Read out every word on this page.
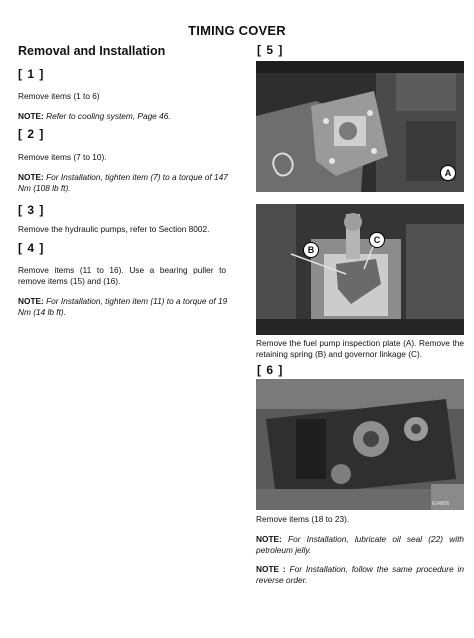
TIMING COVER
Removal and Installation
[ 1 ]
Remove items (1 to 6)
NOTE: Refer to cooling system, Page 46.
[ 2 ]
Remove items (7 to 10).
NOTE: For Installation, tighten item (7) to a torque of 147 Nm (108 lb ft).
[ 3 ]
Remove the hydraulic pumps, refer to Section 8002.
[ 4 ]
Remove items (11 to 16). Use a bearing puller to remove items (15) and (16).
NOTE: For Installation, tighten item (11) to a torque of 19 Nm (14 lb ft).
[ 5 ]
A
B
C
Remove the fuel pump inspection plate (A). Remove the retaining spring (B) and governor linkage (C).
[ 6 ]
E04806
Remove items (18 to 23).
NOTE: For Installation, lubricate oil seal (22) with petroleum jelly.
NOTE : For Installation, follow the same procedure in reverse order.
